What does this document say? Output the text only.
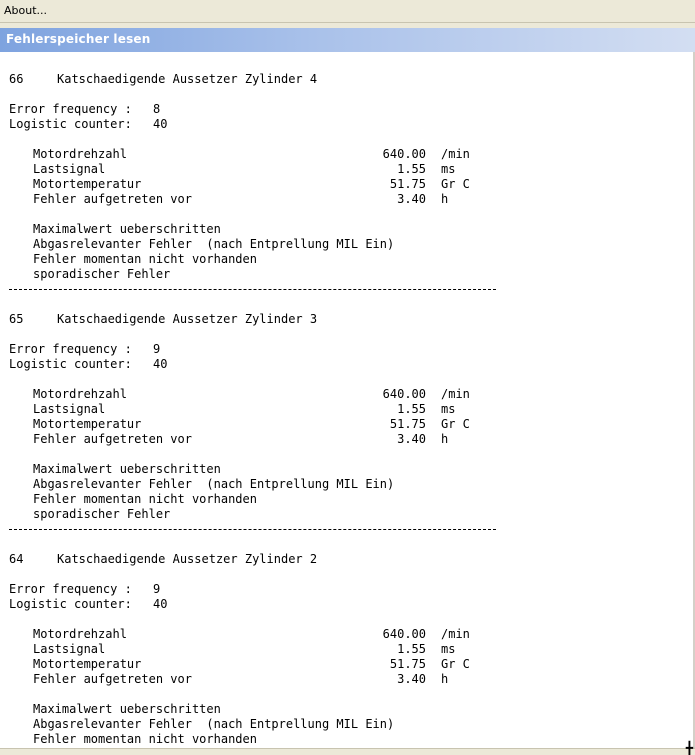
About...
Fehlerspeicher lesen
66	Katschaedigende Aussetzer Zylinder 4
Error frequency : 8
Logistic counter: 40
Motordrehzahl	640.00 /min
Lastsignal	1.55 ms
Motortemperatur	51.75 Gr C
Fehler aufgetreten vor	3.40 h
Maximalwert ueberschritten
Abgasrelevanter Fehler  (nach Entprellung MIL Ein)
Fehler momentan nicht vorhanden
sporadischer Fehler
65	Katschaedigende Aussetzer Zylinder 3
Error frequency : 9
Logistic counter: 40
Motordrehzahl	640.00 /min
Lastsignal	1.55 ms
Motortemperatur	51.75 Gr C
Fehler aufgetreten vor	3.40 h
Maximalwert ueberschritten
Abgasrelevanter Fehler  (nach Entprellung MIL Ein)
Fehler momentan nicht vorhanden
sporadischer Fehler
64	Katschaedigende Aussetzer Zylinder 2
Error frequency : 9
Logistic counter: 40
Motordrehzahl	640.00 /min
Lastsignal	1.55 ms
Motortemperatur	51.75 Gr C
Fehler aufgetreten vor	3.40 h
Maximalwert ueberschritten
Abgasrelevanter Fehler  (nach Entprellung MIL Ein)
Fehler momentan nicht vorhanden
╋
